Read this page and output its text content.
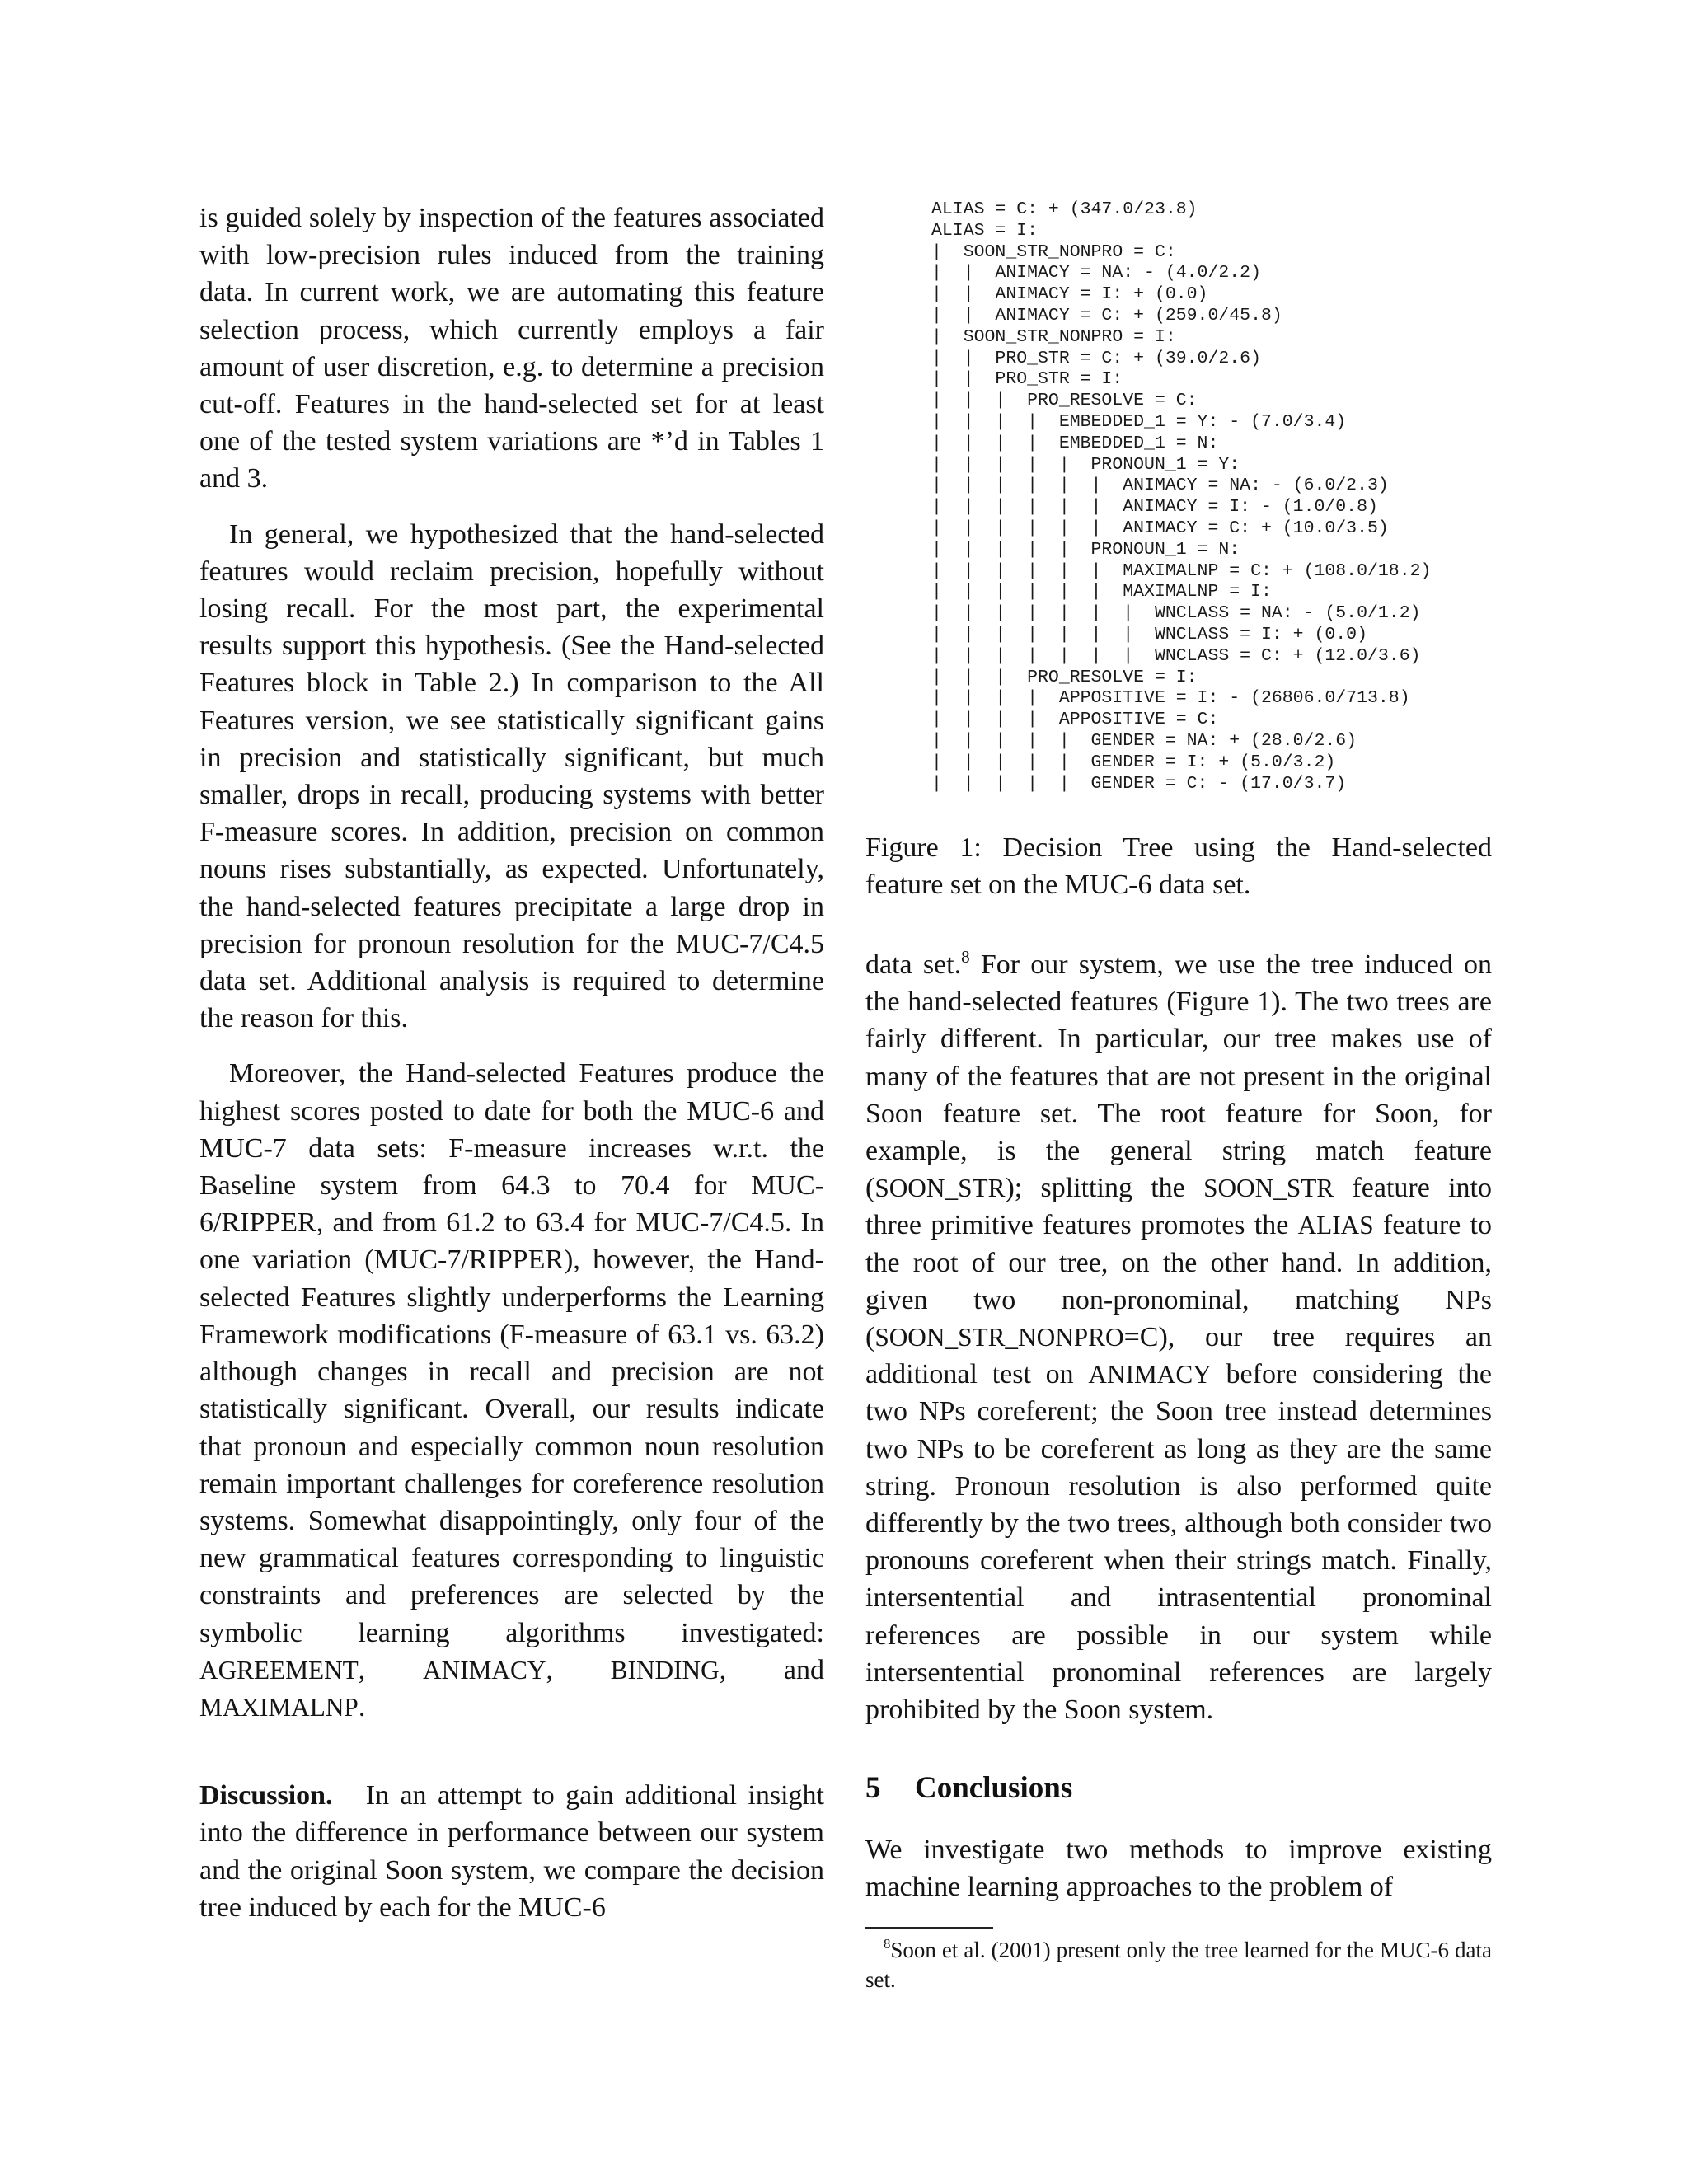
is guided solely by inspection of the features associated with low-precision rules induced from the training data. In current work, we are automating this feature selection process, which currently employs a fair amount of user discretion, e.g. to determine a precision cut-off. Features in the hand-selected set for at least one of the tested system variations are *’d in Tables 1 and 3.

In general, we hypothesized that the hand-selected features would reclaim precision, hopefully without losing recall. For the most part, the experimental results support this hypothesis. (See the Hand-selected Features block in Table 2.) In comparison to the All Features version, we see statistically significant gains in precision and statistically significant, but much smaller, drops in recall, producing systems with better F-measure scores. In addition, precision on common nouns rises substantially, as expected. Unfortunately, the hand-selected features precipitate a large drop in precision for pronoun resolution for the MUC-7/C4.5 data set. Additional analysis is required to determine the reason for this.

Moreover, the Hand-selected Features produce the highest scores posted to date for both the MUC-6 and MUC-7 data sets: F-measure increases w.r.t. the Baseline system from 64.3 to 70.4 for MUC-6/RIPPER, and from 61.2 to 63.4 for MUC-7/C4.5. In one variation (MUC-7/RIPPER), however, the Hand-selected Features slightly underperforms the Learning Framework modifications (F-measure of 63.1 vs. 63.2) although changes in recall and precision are not statistically significant. Overall, our results indicate that pronoun and especially common noun resolution remain important challenges for coreference resolution systems. Somewhat disappointingly, only four of the new grammatical features corresponding to linguistic constraints and preferences are selected by the symbolic learning algorithms investigated: AGREEMENT, ANIMACY, BINDING, and MAXIMALNP.

Discussion. In an attempt to gain additional insight into the difference in performance between our system and the original Soon system, we compare the decision tree induced by each for the MUC-6

ALIAS = C: + (347.0/23.8)
ALIAS = I:
|  SOON_STR_NONPRO = C:
|  |  ANIMACY = NA: - (4.0/2.2)
|  |  ANIMACY = I: + (0.0)
|  |  ANIMACY = C: + (259.0/45.8)
|  SOON_STR_NONPRO = I:
|  |  PRO_STR = C: + (39.0/2.6)
|  |  PRO_STR = I:
|  |  |  PRO_RESOLVE = C:
|  |  |  |  EMBEDDED_1 = Y: - (7.0/3.4)
|  |  |  |  EMBEDDED_1 = N:
|  |  |  |  |  PRONOUN_1 = Y:
|  |  |  |  |  |  ANIMACY = NA: - (6.0/2.3)
|  |  |  |  |  |  ANIMACY = I: - (1.0/0.8)
|  |  |  |  |  |  ANIMACY = C: + (10.0/3.5)
|  |  |  |  |  PRONOUN_1 = N:
|  |  |  |  |  |  MAXIMALNP = C: + (108.0/18.2)
|  |  |  |  |  |  MAXIMALNP = I:
|  |  |  |  |  |  |  WNCLASS = NA: - (5.0/1.2)
|  |  |  |  |  |  |  WNCLASS = I: + (0.0)
|  |  |  |  |  |  |  WNCLASS = C: + (12.0/3.6)
|  |  |  PRO_RESOLVE = I:
|  |  |  |  APPOSITIVE = I: - (26806.0/713.8)
|  |  |  |  APPOSITIVE = C:
|  |  |  |  |  GENDER = NA: + (28.0/2.6)
|  |  |  |  |  GENDER = I: + (5.0/3.2)
|  |  |  |  |  GENDER = C: - (17.0/3.7)

Figure 1: Decision Tree using the Hand-selected feature set on the MUC-6 data set.

data set.$^8$ For our system, we use the tree induced on the hand-selected features (Figure 1). The two trees are fairly different. In particular, our tree makes use of many of the features that are not present in the original Soon feature set. The root feature for Soon, for example, is the general string match feature (SOON_STR); splitting the SOON_STR feature into three primitive features promotes the ALIAS feature to the root of our tree, on the other hand. In addition, given two non-pronominal, matching NPs (SOON_STR_NONPRO=C), our tree requires an additional test on ANIMACY before considering the two NPs coreferent; the Soon tree instead determines two NPs to be coreferent as long as they are the same string. Pronoun resolution is also performed quite differently by the two trees, although both consider two pronouns coreferent when their strings match. Finally, intersentential and intrasentential pronominal references are possible in our system while intersentential pronominal references are largely prohibited by the Soon system.

5 Conclusions

We investigate two methods to improve existing machine learning approaches to the problem of

$^8$Soon et al. (2001) present only the tree learned for the MUC-6 data set.
